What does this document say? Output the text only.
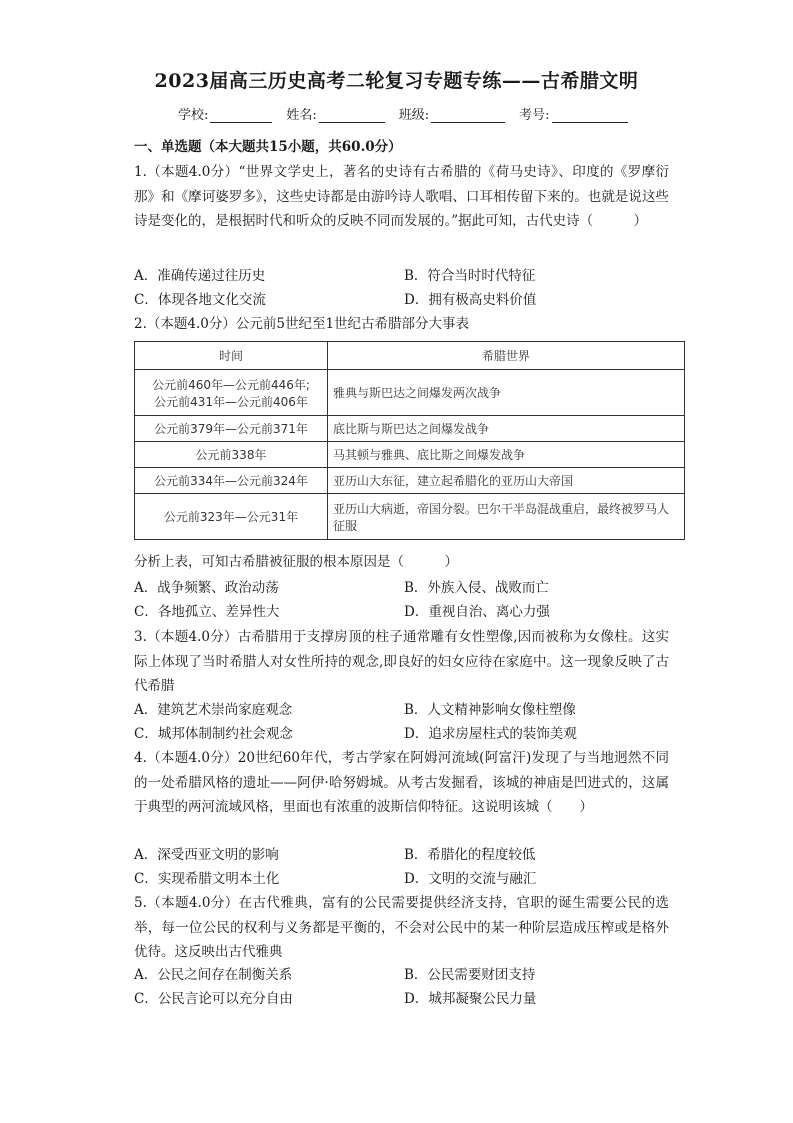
2023届高三历史高考二轮复习专题专练——古希腊文明
学校:	姓名:	班级:	考号:
一、单选题（本大题共15小题，共60.0分）
1.（本题4.0分）“世界文学史上，著名的史诗有古希腊的《荷马史诗》、印度的《罗摩衍那》和《摩诃婆罗多》，这些史诗都是由游吟诗人歌唱、口耳相传留下来的。也就是说这些诗是变化的，是根据时代和听众的反映不同而发展的。”据此可知，古代史诗（　　　）
A．准确传递过往历史	B．符合当时时代特征
C．体现各地文化交流	D．拥有极高史料价值
2.（本题4.0分）公元前5世纪至1世纪古希腊部分大事表
时间	希腊世界

公元前460年—公元前446年;
公元前431年—公元前406年	雅典与斯巴达之间爆发两次战争
公元前379年—公元前371年	底比斯与斯巴达之间爆发战争
公元前338年	马其顿与雅典、底比斯之间爆发战争
公元前334年—公元前324年	亚历山大东征，建立起希腊化的亚历山大帝国
公元前323年—公元31年	亚历山大病逝，帝国分裂。巴尔干半岛混战重启，最终被罗马人征服
分析上表，可知古希腊被征服的根本原因是（　　　）
A．战争频繁、政治动荡	B．外族入侵、战败而亡
C．各地孤立、差异性大	D．重视自治、离心力强
3.（本题4.0分）古希腊用于支撑房顶的柱子通常雕有女性塑像,因而被称为女像柱。这实际上体现了当时希腊人对女性所持的观念,即良好的妇女应待在家庭中。这一现象反映了古代希腊
A．建筑艺术崇尚家庭观念	B．人文精神影响女像柱塑像
C．城邦体制制约社会观念	D．追求房屋柱式的装饰美观
4.（本题4.0分）20世纪60年代，考古学家在阿姆河流域(阿富汗)发现了与当地迥然不同的一处希腊风格的遗址——阿伊·哈努姆城。从考古发掘看，该城的神庙是凹进式的，这属于典型的两河流域风格，里面也有浓重的波斯信仰特征。这说明该城（　　）
A．深受西亚文明的影响	B．希腊化的程度较低
C．实现希腊文明本土化	D．文明的交流与融汇
5.（本题4.0分）在古代雅典，富有的公民需要提供经济支持，官职的诞生需要公民的选举，每一位公民的权利与义务都是平衡的，不会对公民中的某一种阶层造成压榨或是格外优待。这反映出古代雅典
A．公民之间存在制衡关系	B．公民需要财团支持
C．公民言论可以充分自由	D．城邦凝聚公民力量
